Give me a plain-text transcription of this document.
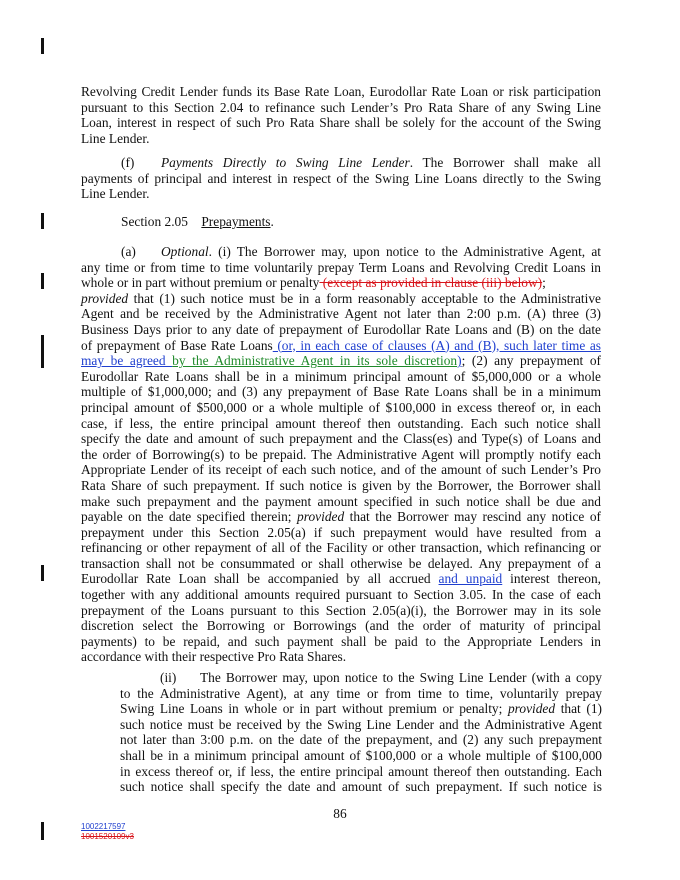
Revolving Credit Lender funds its Base Rate Loan, Eurodollar Rate Loan or risk participation
pursuant to this Section 2.04 to refinance such Lender’s Pro Rata Share of any Swing Line
Loan, interest in respect of such Pro Rata Share shall be solely for the account of the Swing
Line Lender.
(f) Payments Directly to Swing Line Lender. The Borrower shall make all
payments of principal and interest in respect of the Swing Line Loans directly to the Swing
Line Lender.
Section 2.05 Prepayments.
(a) Optional. (i) The Borrower may, upon notice to the Administrative Agent, at
any time or from time to time voluntarily prepay Term Loans and Revolving Credit Loans in
whole or in part without premium or penalty (except as provided in clause (iii) below);
provided that (1) such notice must be in a form reasonably acceptable to the Administrative
Agent and be received by the Administrative Agent not later than 2:00 p.m. (A) three (3)
Business Days prior to any date of prepayment of Eurodollar Rate Loans and (B) on the date
of prepayment of Base Rate Loans (or, in each case of clauses (A) and (B), such later time as
may be agreed by the Administrative Agent in its sole discretion); (2) any prepayment of
Eurodollar Rate Loans shall be in a minimum principal amount of $5,000,000 or a whole
multiple of $1,000,000; and (3) any prepayment of Base Rate Loans shall be in a minimum
principal amount of $500,000 or a whole multiple of $100,000 in excess thereof or, in each
case, if less, the entire principal amount thereof then outstanding. Each such notice shall
specify the date and amount of such prepayment and the Class(es) and Type(s) of Loans and
the order of Borrowing(s) to be prepaid. The Administrative Agent will promptly notify each
Appropriate Lender of its receipt of each such notice, and of the amount of such Lender’s Pro
Rata Share of such prepayment. If such notice is given by the Borrower, the Borrower shall
make such prepayment and the payment amount specified in such notice shall be due and
payable on the date specified therein; provided that the Borrower may rescind any notice of
prepayment under this Section 2.05(a) if such prepayment would have resulted from a
refinancing or other repayment of all of the Facility or other transaction, which refinancing or
transaction shall not be consummated or shall otherwise be delayed. Any prepayment of a
Eurodollar Rate Loan shall be accompanied by all accrued and unpaid interest thereon,
together with any additional amounts required pursuant to Section 3.05. In the case of each
prepayment of the Loans pursuant to this Section 2.05(a)(i), the Borrower may in its sole
discretion select the Borrowing or Borrowings (and the order of maturity of principal
payments) to be repaid, and such payment shall be paid to the Appropriate Lenders in
accordance with their respective Pro Rata Shares.
(ii) The Borrower may, upon notice to the Swing Line Lender (with a copy
to the Administrative Agent), at any time or from time to time, voluntarily prepay
Swing Line Loans in whole or in part without premium or penalty; provided that (1)
such notice must be received by the Swing Line Lender and the Administrative Agent
not later than 3:00 p.m. on the date of the prepayment, and (2) any such prepayment
shall be in a minimum principal amount of $100,000 or a whole multiple of $100,000
in excess thereof or, if less, the entire principal amount thereof then outstanding. Each
such notice shall specify the date and amount of such prepayment. If such notice is
86
1002217597
1001520109v3
